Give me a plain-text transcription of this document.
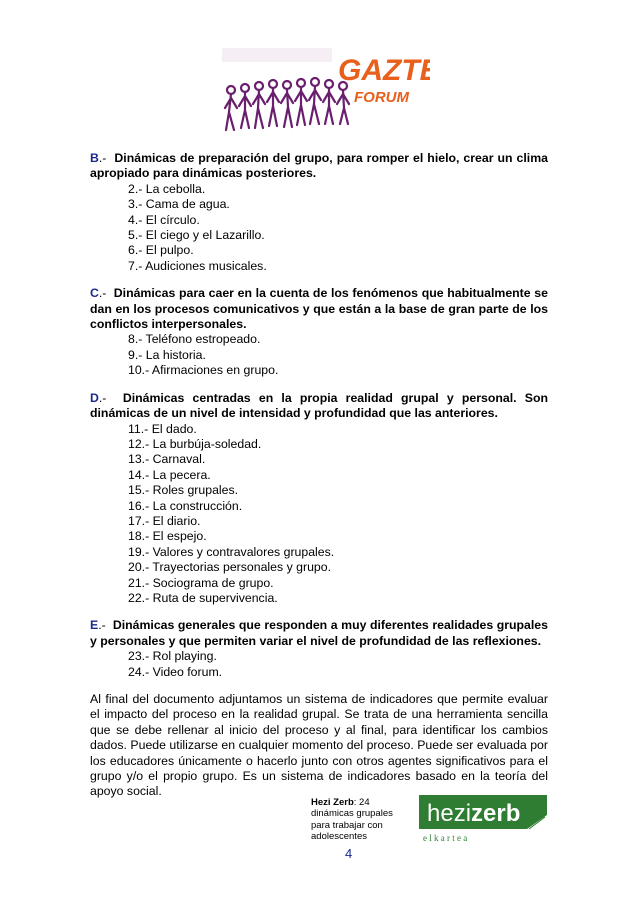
GAZTE
FORUM
B.- Dinámicas de preparación del grupo, para romper el hielo, crear un clima apropiado para dinámicas posteriores.
2.- La cebolla.
3.- Cama de agua.
4.- El círculo.
5.- El ciego y el Lazarillo.
6.- El pulpo.
7.- Audiciones musicales.
C.- Dinámicas para caer en la cuenta de los fenómenos que habitualmente se dan en los procesos comunicativos y que están a la base de gran parte de los conflictos interpersonales.
8.- Teléfono estropeado.
9.- La historia.
10.- Afirmaciones en grupo.
D.- Dinámicas centradas en la propia realidad grupal y personal. Son dinámicas de un nivel de intensidad y profundidad que las anteriores.
11.- El dado.
12.- La burbúja-soledad.
13.- Carnaval.
14.- La pecera.
15.- Roles grupales.
16.- La construcción.
17.- El diario.
18.- El espejo.
19.- Valores y contravalores grupales.
20.- Trayectorias personales y grupo.
21.- Sociograma de grupo.
22.- Ruta de supervivencia.
E.- Dinámicas generales que responden a muy diferentes realidades grupales y personales y que permiten variar el nivel de profundidad de las reflexiones.
23.- Rol playing.
24.- Video forum.

Al final del documento adjuntamos un sistema de indicadores que permite evaluar el impacto del proceso en la realidad grupal. Se trata de una herramienta sencilla que se debe rellenar al inicio del proceso y al final, para identificar los cambios dados. Puede utilizarse en cualquier momento del proceso. Puede ser evaluada por los educadores únicamente o hacerlo junto con otros agentes significativos para el grupo y/o el propio grupo. Es un sistema de indicadores basado en la teoría del apoyo social.

Hezi Zerb: 24 dinámicas grupales para trabajar con adolescentes
4
hezizerb
e l k a r t e a
